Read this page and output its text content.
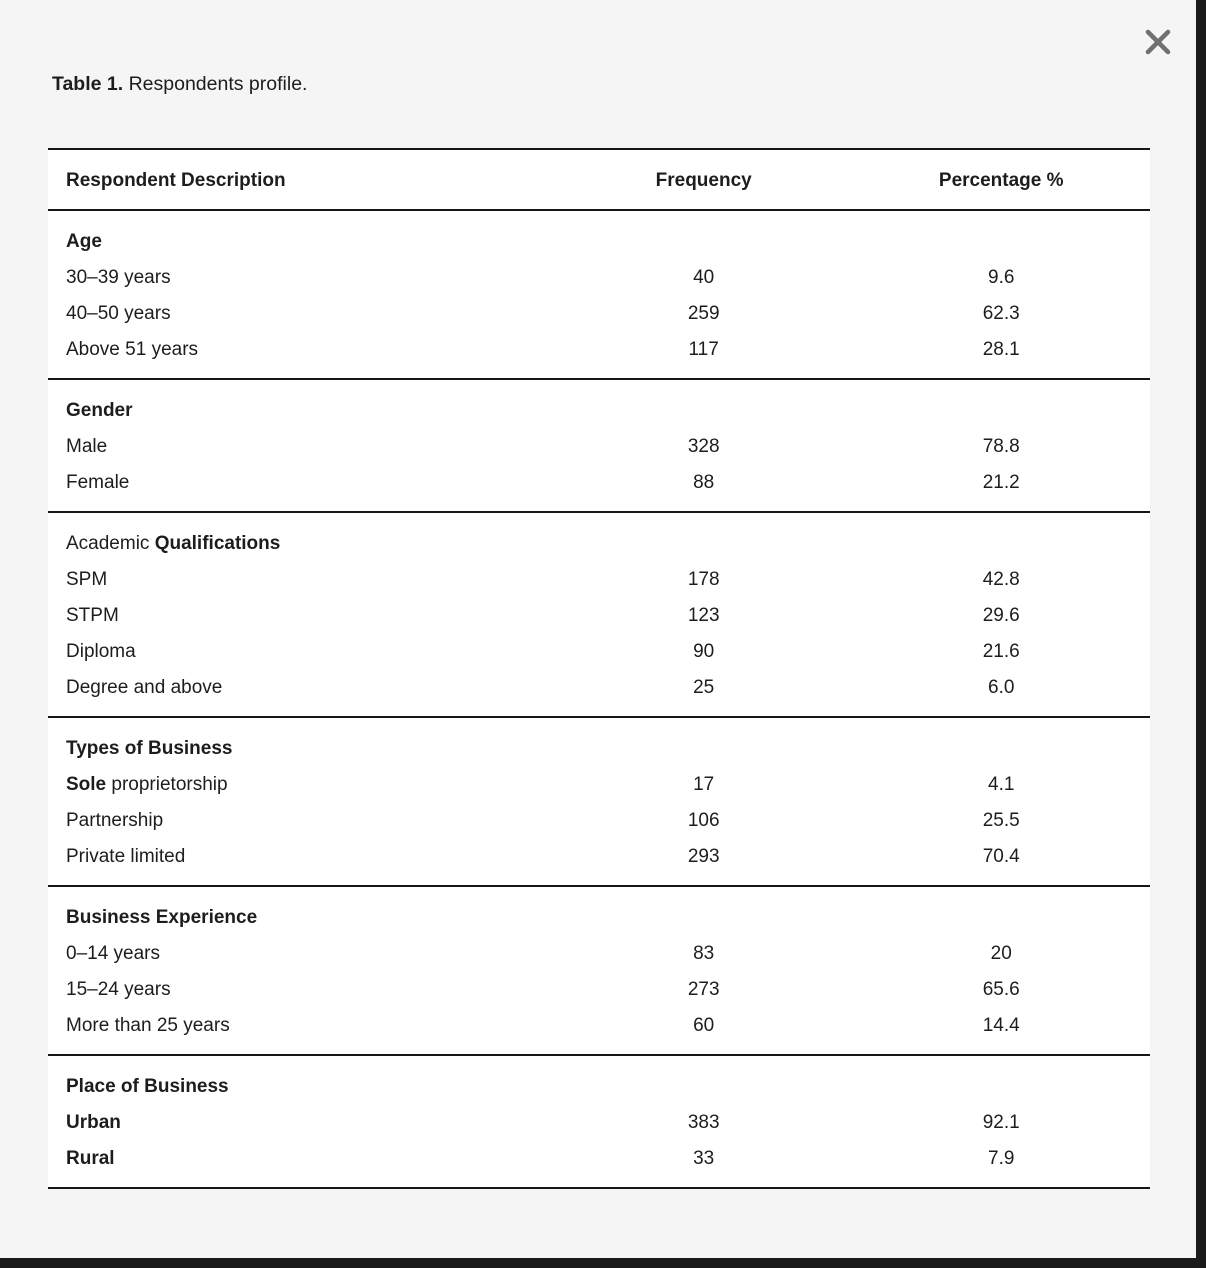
Table 1. Respondents profile.
Respondent Description	Frequency	Percentage %
Age		
30–39 years	40	9.6
40–50 years	259	62.3
Above 51 years	117	28.1
Gender		
Male	328	78.8
Female	88	21.2
Academic Qualifications		
SPM	178	42.8
STPM	123	29.6
Diploma	90	21.6
Degree and above	25	6.0
Types of Business		
Sole proprietorship	17	4.1
Partnership	106	25.5
Private limited	293	70.4
Business Experience		
0–14 years	83	20
15–24 years	273	65.6
More than 25 years	60	14.4
Place of Business		
Urban	383	92.1
Rural	33	7.9
